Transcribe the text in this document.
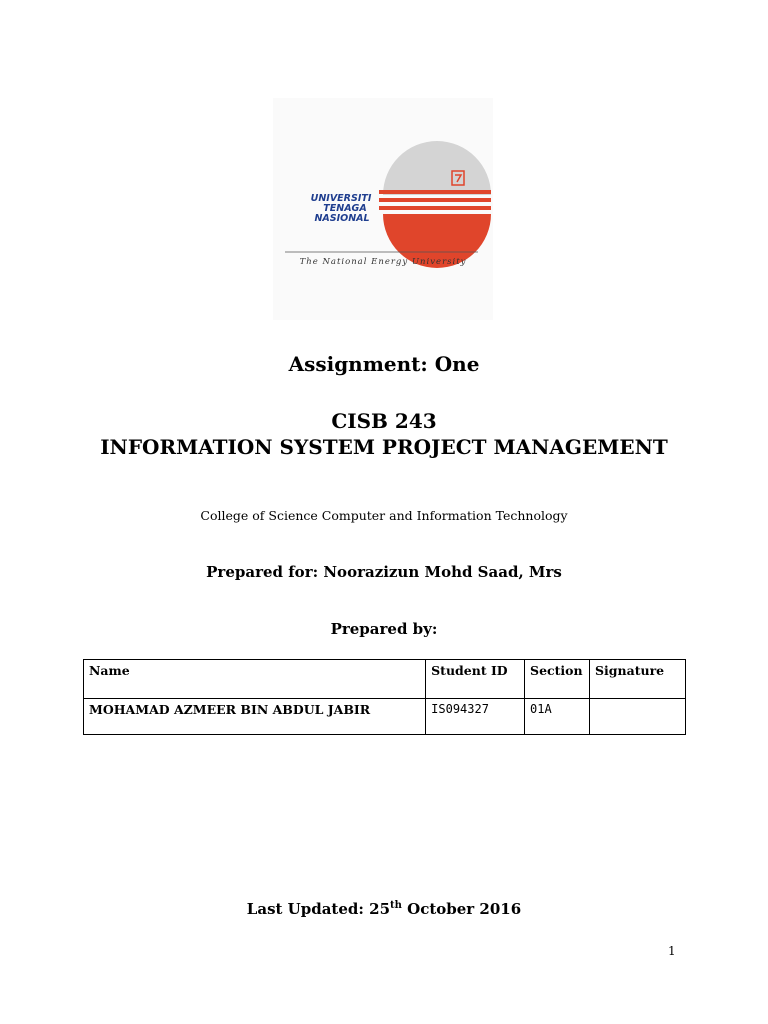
UNIVERSITI
TENAGA
NASIONAL
The National Energy University
Assignment: One
CISB 243
INFORMATION SYSTEM PROJECT MANAGEMENT
College of Science Computer and Information Technology
Prepared for: Noorazizun Mohd Saad, Mrs
Prepared by:
Name	Student ID	Section	Signature
MOHAMAD AZMEER BIN ABDUL JABIR	IS094327	01A	
Last Updated: 25th October 2016
1
